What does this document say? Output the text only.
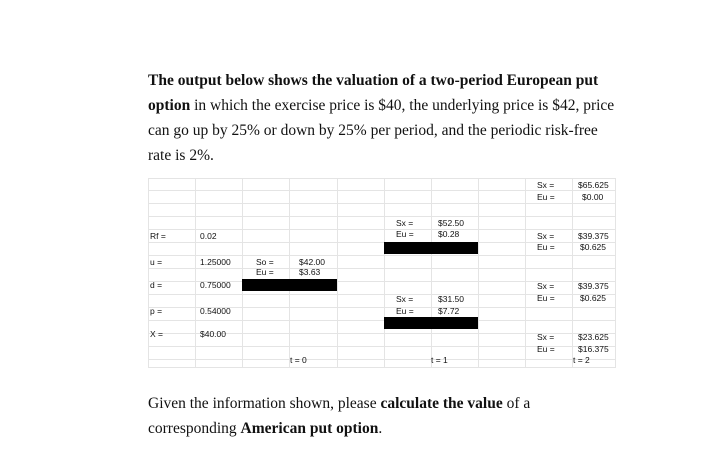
The output below shows the valuation of a two-period European put option in which the exercise price is $40, the underlying price is $42, price can go up by 25% or down by 25% per period, and the periodic risk-free rate is 2%.

Rf =	0.02
u =	1.25000
d =	0.75000
p =	0.54000
X =	$40.00
So =	$42.00
Eu =	$3.63
Sx =	$52.50
Eu =	$0.28
Sx =	$31.50
Eu =	$7.72
Sx =	$65.625
Eu =	$0.00
Sx =	$39.375
Eu =	$0.625
Sx =	$39.375
Eu =	$0.625
Sx =	$23.625
Eu =	$16.375
t = 0	t = 1	t = 2

Given the information shown, please calculate the value of a corresponding American put option.
